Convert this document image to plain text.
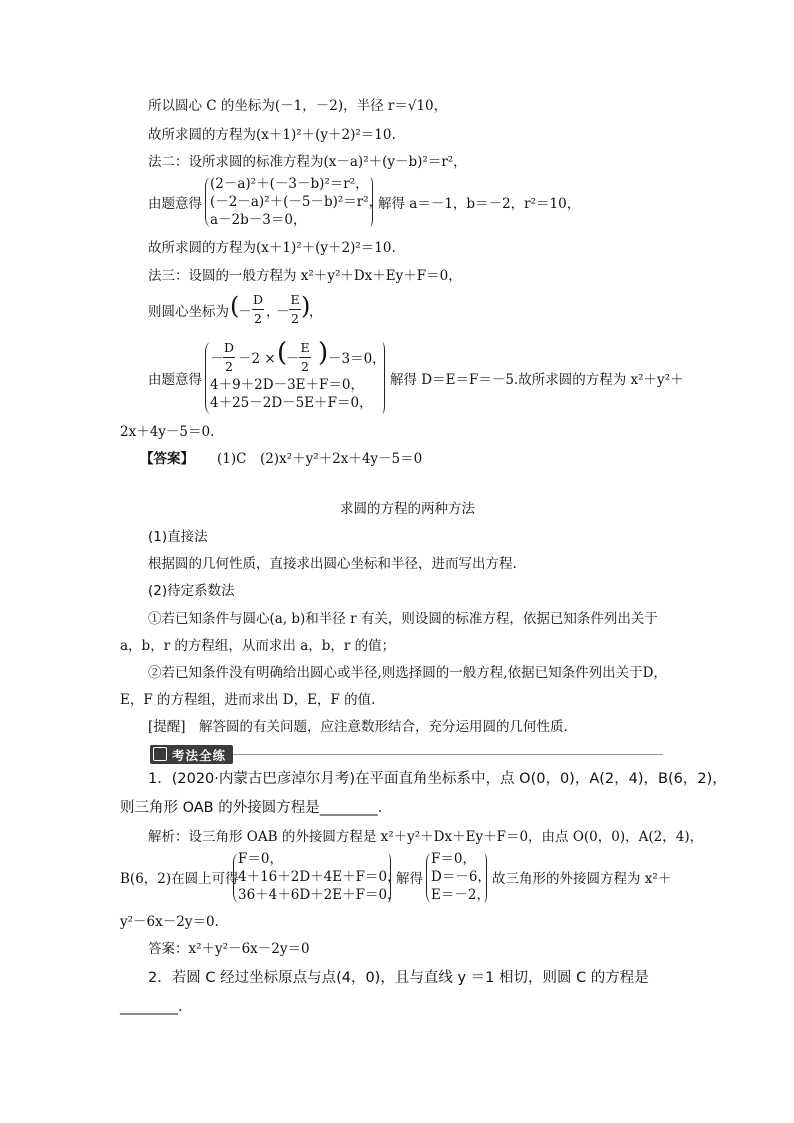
所以圆心 C 的坐标为(－1，－2)，半径 r＝√10，
故所求圆的方程为(x＋1)²＋(y＋2)²＝10.
法二：设所求圆的标准方程为(x－a)²＋(y－b)²＝r²，
由题意得
(2－a)²＋(－3－b)²＝r²，
(－2－a)²＋(－5－b)²＝r²，
a－2b－3＝0，
解得 a＝－1，b＝－2，r²＝10，
故所求圆的方程为(x＋1)²＋(y＋2)²＝10.
法三：设圆的一般方程为 x²＋y²＋Dx＋Ey＋F＝0，
则圆心坐标为 (
－
D
2 ，
－
E
2 )
，
由题意得
－
D
2 －2 × (
－
E
2 ) －3＝0，
4＋9＋2D－3E＋F＝0，
4＋25－2D－5E＋F＝0，
解得 D＝E＝F＝－5.故所求圆的方程为 x²＋y²＋
2x＋4y－5＝0.
【答案】 (1)C　(2)x²＋y²＋2x＋4y－5＝0
求圆的方程的两种方法
(1)直接法
根据圆的几何性质，直接求出圆心坐标和半径，进而写出方程.
(2)待定系数法
①若已知条件与圆心(a, b)和半径 r 有关，则设圆的标准方程，依据已知条件列出关于
a，b，r 的方程组，从而求出 a，b，r 的值；
②若已知条件没有明确给出圆心或半径,则选择圆的一般方程,依据已知条件列出关于D，
E，F 的方程组，进而求出 D，E，F 的值.
[提醒]　解答圆的有关问题，应注意数形结合，充分运用圆的几何性质.
考法全练
1．(2020·内蒙古巴彦淖尔月考)在平面直角坐标系中，点 O(0，0)，A(2，4)，B(6，2)，
则三角形 OAB 的外接圆方程是________．
解析：设三角形 OAB 的外接圆方程是 x²＋y²＋Dx＋Ey＋F＝0，由点 O(0，0)，A(2，4)，
B(6，2)在圆上可得
F＝0，
4＋16＋2D＋4E＋F＝0，
36＋4＋6D＋2E＋F＝0，
解得
F＝0，
D＝－6，
E＝－2，
故三角形的外接圆方程为 x²＋
y²－6x－2y＝0.
答案：x²＋y²－6x－2y＝0
2．若圆 C 经过坐标原点与点(4，0)，且与直线 y ＝1 相切，则圆 C 的方程是
________．
